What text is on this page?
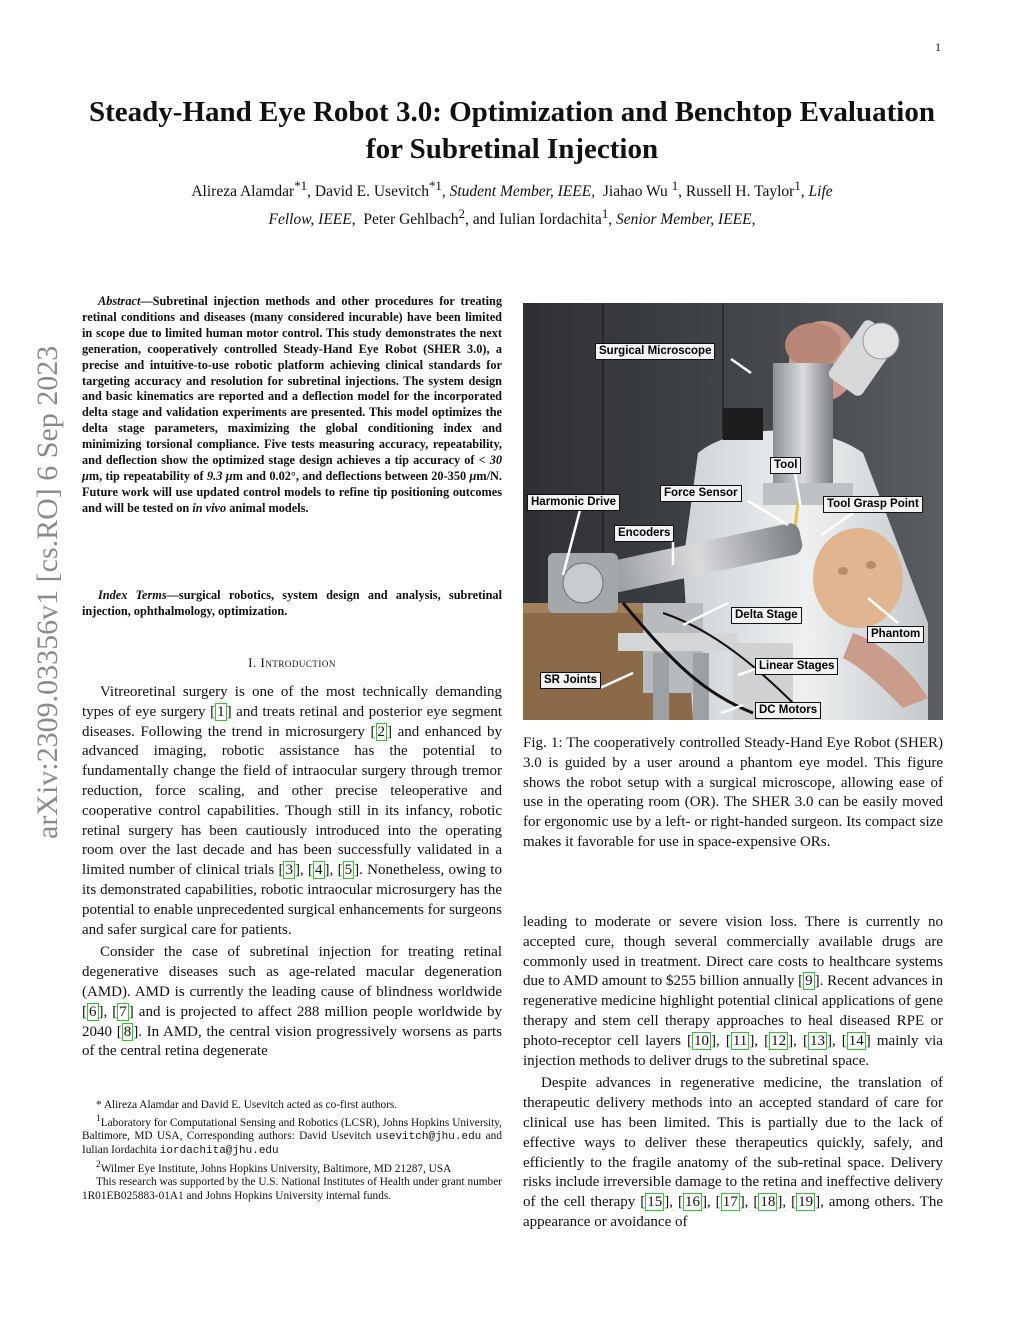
1
Steady-Hand Eye Robot 3.0: Optimization and Benchtop Evaluation
for Subretinal Injection
Alireza Alamdar$^{*1}$, David E. Usevitch$^{*1}$, Student Member, IEEE, Jiahao Wu $^1$, Russell H. Taylor$^1$, Life
Fellow, IEEE, Peter Gehlbach$^2$, and Iulian Iordachita$^1$, Senior Member, IEEE,
arXiv:2309.03356v1 [cs.RO] 6 Sep 2023
Abstract—Subretinal injection methods and other procedures for treating retinal conditions and diseases (many considered incurable) have been limited in scope due to limited human motor control. This study demonstrates the next generation, cooperatively controlled Steady-Hand Eye Robot (SHER 3.0), a precise and intuitive-to-use robotic platform achieving clinical standards for targeting accuracy and resolution for subretinal injections. The system design and basic kinematics are reported and a deflection model for the incorporated delta stage and validation experiments are presented. This model optimizes the delta stage parameters, maximizing the global conditioning index and minimizing torsional compliance. Five tests measuring accuracy, repeatability, and deflection show the optimized stage design achieves a tip accuracy of < 30 μm, tip repeatability of 9.3 μm and 0.02°, and deflections between 20-350 μm/N. Future work will use updated control models to refine tip positioning outcomes and will be tested on in vivo animal models.
Index Terms—surgical robotics, system design and analysis, subretinal injection, ophthalmology, optimization.
I. Introduction

Vitreoretinal surgery is one of the most technically demanding types of eye surgery [ 1 ] and treats retinal and posterior eye segment diseases. Following the trend in microsurgery [ 2 ] and enhanced by advanced imaging, robotic assistance has the potential to fundamentally change the field of intraocular surgery through tremor reduction, force scaling, and other precise teleoperative and cooperative control capabilities. Though still in its infancy, robotic retinal surgery has been cautiously introduced into the operating room over the last decade and has been successfully validated in a limited number of clinical trials [ 3 ], [ 4 ], [ 5 ]. Nonetheless, owing to its demonstrated capabilities, robotic intraocular microsurgery has the potential to enable unprecedented surgical enhancements for surgeons and safer surgical care for patients.

Consider the case of subretinal injection for treating retinal degenerative diseases such as age-related macular degeneration (AMD). AMD is currently the leading cause of blindness worldwide [ 6 ], [ 7 ] and is projected to affect 288 million people worldwide by 2040 [ 8 ]. In AMD, the central vision progressively worsens as parts of the central retina degenerate

* Alireza Alamdar and David E. Usevitch acted as co-first authors.

$^1$Laboratory for Computational Sensing and Robotics (LCSR), Johns Hopkins University, Baltimore, MD USA, Corresponding authors: David Usevitch usevitch@jhu.edu and Iulian Iordachita iordachita@jhu.edu

$^2$Wilmer Eye Institute, Johns Hopkins University, Baltimore, MD 21287, USA

This research was supported by the U.S. National Institutes of Health under grant number 1R01EB025883-01A1 and Johns Hopkins University internal funds.

Surgical Microscope
Tool
Force Sensor
Harmonic Drive	Tool Grasp Point
Encoders
Delta Stage
Phantom
Linear Stages
SR Joints
DC Motors
Fig. 1: The cooperatively controlled Steady-Hand Eye Robot (SHER) 3.0 is guided by a user around a phantom eye model. This figure shows the robot setup with a surgical microscope, allowing ease of use in the operating room (OR). The SHER 3.0 can be easily moved for ergonomic use by a left- or right-handed surgeon. Its compact size makes it favorable for use in space-expensive ORs.

leading to moderate or severe vision loss. There is currently no accepted cure, though several commercially available drugs are commonly used in treatment. Direct care costs to healthcare systems due to AMD amount to $255 billion annually [ 9 ]. Recent advances in regenerative medicine highlight potential clinical applications of gene therapy and stem cell therapy approaches to heal diseased RPE or photo-receptor cell layers [ 10 ], [ 11 ], [ 12 ], [ 13 ], [ 14 ] mainly via injection methods to deliver drugs to the subretinal space.

Despite advances in regenerative medicine, the translation of therapeutic delivery methods into an accepted standard of care for clinical use has been limited. This is partially due to the lack of effective ways to deliver these therapeutics quickly, safely, and efficiently to the fragile anatomy of the sub-retinal space. Delivery risks include irreversible damage to the retina and ineffective delivery of the cell therapy [ 15 ], [ 16 ], [ 17 ], [ 18 ], [ 19 ], among others. The appearance or avoidance of
